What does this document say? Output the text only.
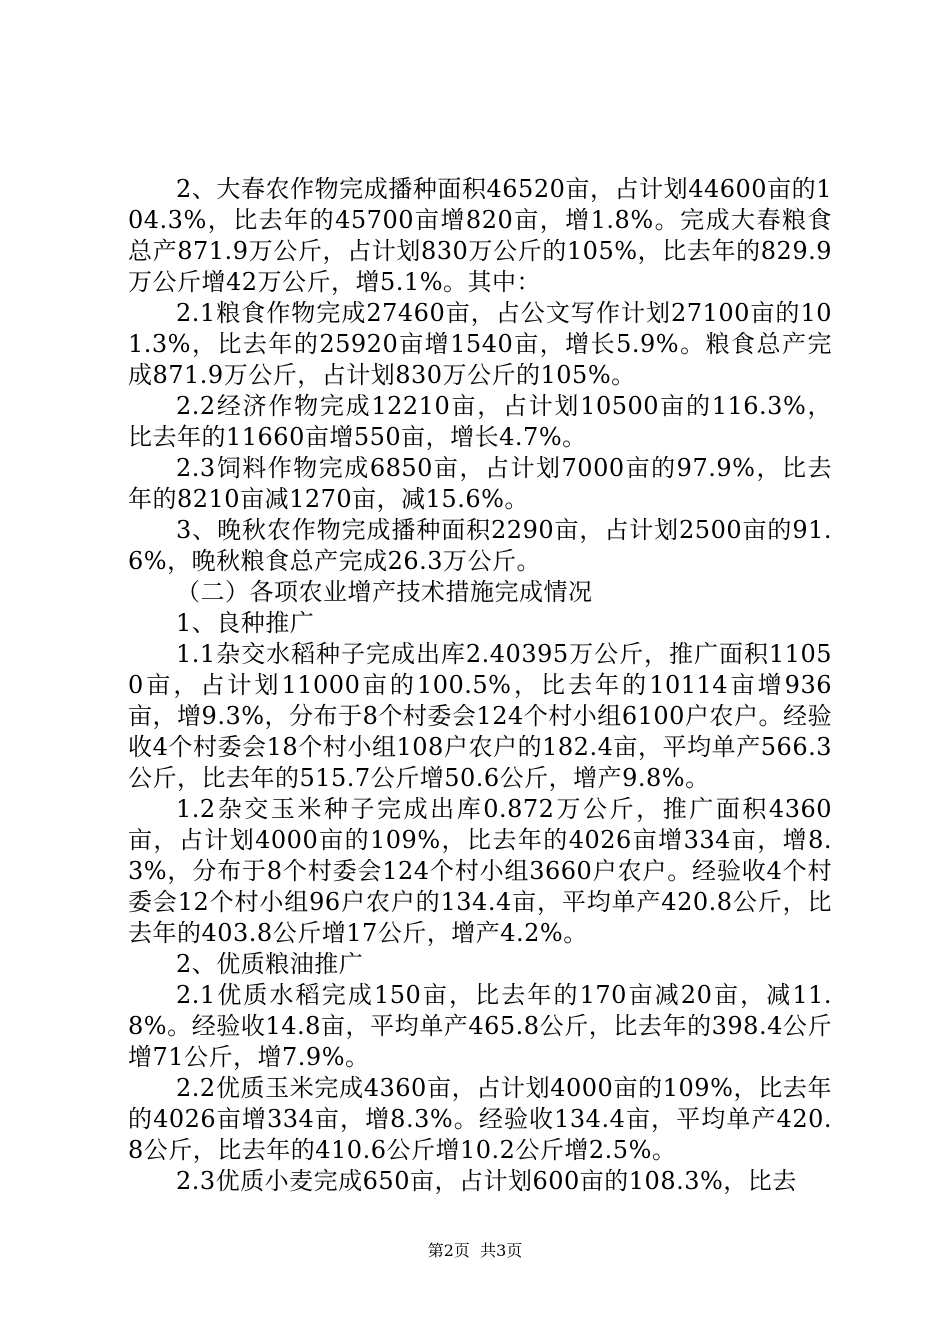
2、大春农作物完成播种面积46520亩，占计划44600亩的104.3%，比去年的45700亩增820亩，增1.8%。完成大春粮食总产871.9万公斤，占计划830万公斤的105%，比去年的829.9万公斤增42万公斤，增5.1%。其中：

2.1粮食作物完成27460亩，占公文写作计划27100亩的101.3%，比去年的25920亩增1540亩，增长5.9%。粮食总产完成871.9万公斤，占计划830万公斤的105%。

2.2经济作物完成12210亩，占计划10500亩的116.3%，比去年的11660亩增550亩，增长4.7%。

2.3饲料作物完成6850亩，占计划7000亩的97.9%，比去年的8210亩减1270亩，减15.6%。

3、晚秋农作物完成播种面积2290亩，占计划2500亩的91.6%，晚秋粮食总产完成26.3万公斤。

（二）各项农业增产技术措施完成情况

1、良种推广

1.1杂交水稻种子完成出库2.40395万公斤，推广面积11050亩，占计划11000亩的100.5%，比去年的10114亩增936亩，增9.3%，分布于8个村委会124个村小组6100户农户。经验收4个村委会18个村小组108户农户的182.4亩，平均单产566.3公斤，比去年的515.7公斤增50.6公斤，增产9.8%。

1.2杂交玉米种子完成出库0.872万公斤，推广面积4360亩，占计划4000亩的109%，比去年的4026亩增334亩，增8.3%，分布于8个村委会124个村小组3660户农户。经验收4个村委会12个村小组96户农户的134.4亩，平均单产420.8公斤，比去年的403.8公斤增17公斤，增产4.2%。

2、优质粮油推广

2.1优质水稻完成150亩，比去年的170亩减20亩，减11.8%。经验收14.8亩，平均单产465.8公斤，比去年的398.4公斤增71公斤，增7.9%。

2.2优质玉米完成4360亩，占计划4000亩的109%，比去年的4026亩增334亩，增8.3%。经验收134.4亩，平均单产420.8公斤，比去年的410.6公斤增10.2公斤增2.5%。

2.3优质小麦完成650亩，占计划600亩的108.3%，比去

第2页 共3页
